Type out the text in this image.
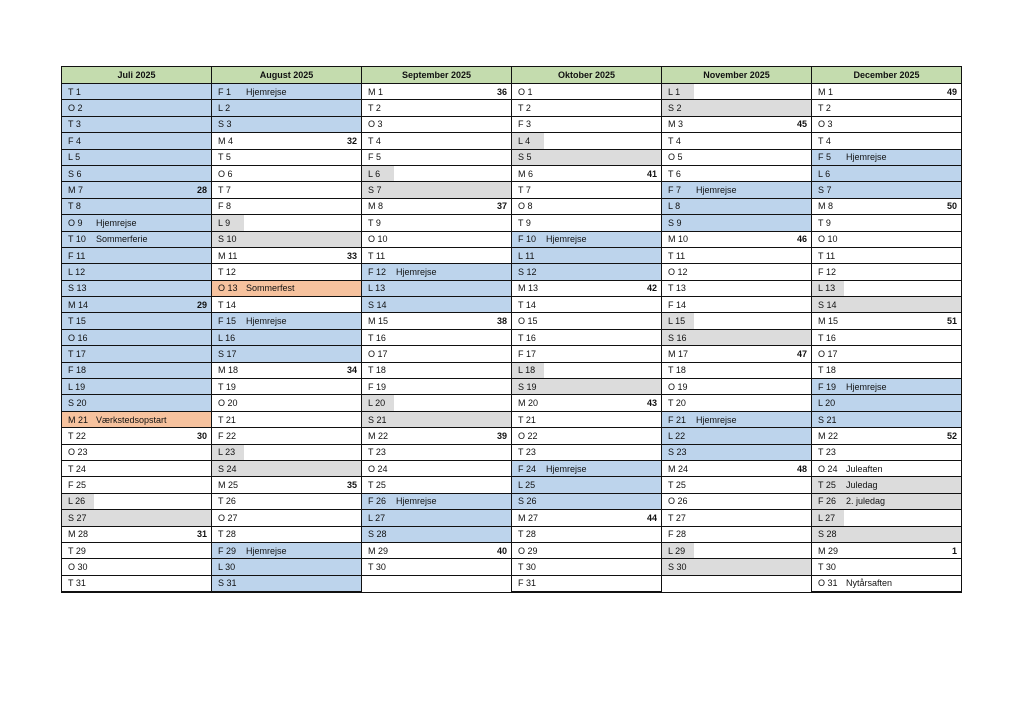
Juli 2025
T 1
O 2
T 3
F 4
L 5
S 6
M 7	28
T 8
O 9	Hjemrejse
T 10	Sommerferie
F 11
L 12
S 13
M 14	29
T 15
O 16
T 17
F 18
L 19
S 20
M 21 Værkstedsopstart
T 22	30
O 23
T 24
F 25
L 26
S 27
M 28	31
T 29
O 30
T 31
August 2025
F 1	Hjemrejse
L 2
S 3
M 4	32
T 5
O 6
T 7
F 8
L 9
S 10
M 11	33
T 12
O 13 Sommerfest
T 14
F 15	Hjemrejse
L 16
S 17
M 18	34
T 19
O 20
T 21
F 22
L 23
S 24
M 25	35
T 26
O 27
T 28
F 29	Hjemrejse
L 30
S 31
September 2025
M 1	36
T 2
O 3
T 4
F 5
L 6
S 7
M 8	37
T 9
O 10
T 11
F 12	Hjemrejse
L 13
S 14
M 15	38
T 16
O 17
T 18
F 19
L 20
S 21
M 22	39
T 23
O 24
T 25
F 26	Hjemrejse
L 27
S 28
M 29	40
T 30
Oktober 2025
O 1
T 2
F 3
L 4
S 5
M 6	41
T 7
O 8
T 9
F 10	Hjemrejse
L 11
S 12
M 13	42
T 14
O 15
T 16
F 17
L 18
S 19
M 20	43
T 21
O 22
T 23
F 24	Hjemrejse
L 25
S 26
M 27	44
T 28
O 29
T 30
F 31
November 2025
L 1
S 2
M 3	45
T 4
O 5
T 6
F 7	Hjemrejse
L 8
S 9
M 10	46
T 11
O 12
T 13
F 14
L 15
S 16
M 17	47
T 18
O 19
T 20
F 21	Hjemrejse
L 22
S 23
M 24	48
T 25
O 26
T 27
F 28
L 29
S 30
December 2025
M 1	49
T 2
O 3
T 4
F 5	Hjemrejse
L 6
S 7
M 8	50
T 9
O 10
T 11
F 12
L 13
S 14
M 15	51
T 16
O 17
T 18
F 19	Hjemrejse
L 20
S 21
M 22	52
T 23
O 24 Juleaften
T 25	Juledag
F 26	2. juledag
L 27
S 28
M 29	1
T 30
O 31 Nytårsaften
